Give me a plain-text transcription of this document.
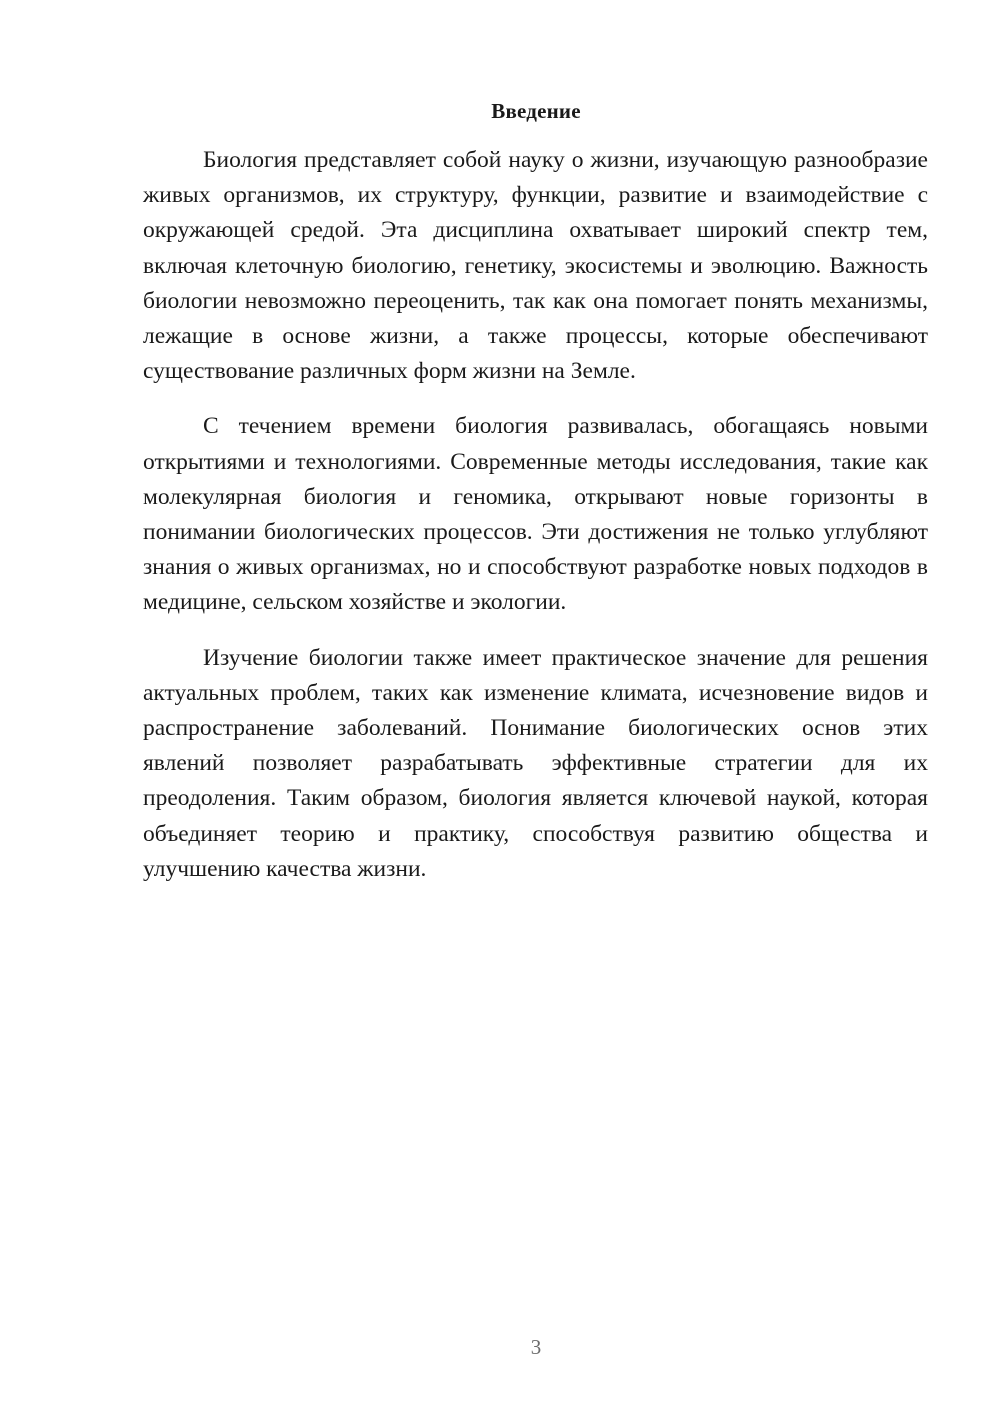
Введение

Биология представляет собой науку о жизни, изучающую разнообразие живых организмов, их структуру, функции, развитие и взаимодействие с окружающей средой. Эта дисциплина охватывает широкий спектр тем, включая клеточную биологию, генетику, экосистемы и эволюцию. Важность биологии невозможно переоценить, так как она помогает понять механизмы, лежащие в основе жизни, а также процессы, которые обеспечивают существование различных форм жизни на Земле.

С течением времени биология развивалась, обогащаясь новыми открытиями и технологиями. Современные методы исследования, такие как молекулярная биология и геномика, открывают новые горизонты в понимании биологических процессов. Эти достижения не только углубляют знания о живых организмах, но и способствуют разработке новых подходов в медицине, сельском хозяйстве и экологии.

Изучение биологии также имеет практическое значение для решения актуальных проблем, таких как изменение климата, исчезновение видов и распространение заболеваний. Понимание биологических основ этих явлений позволяет разрабатывать эффективные стратегии для их преодоления. Таким образом, биология является ключевой наукой, которая объединяет теорию и практику, способствуя развитию общества и улучшению качества жизни.

3
